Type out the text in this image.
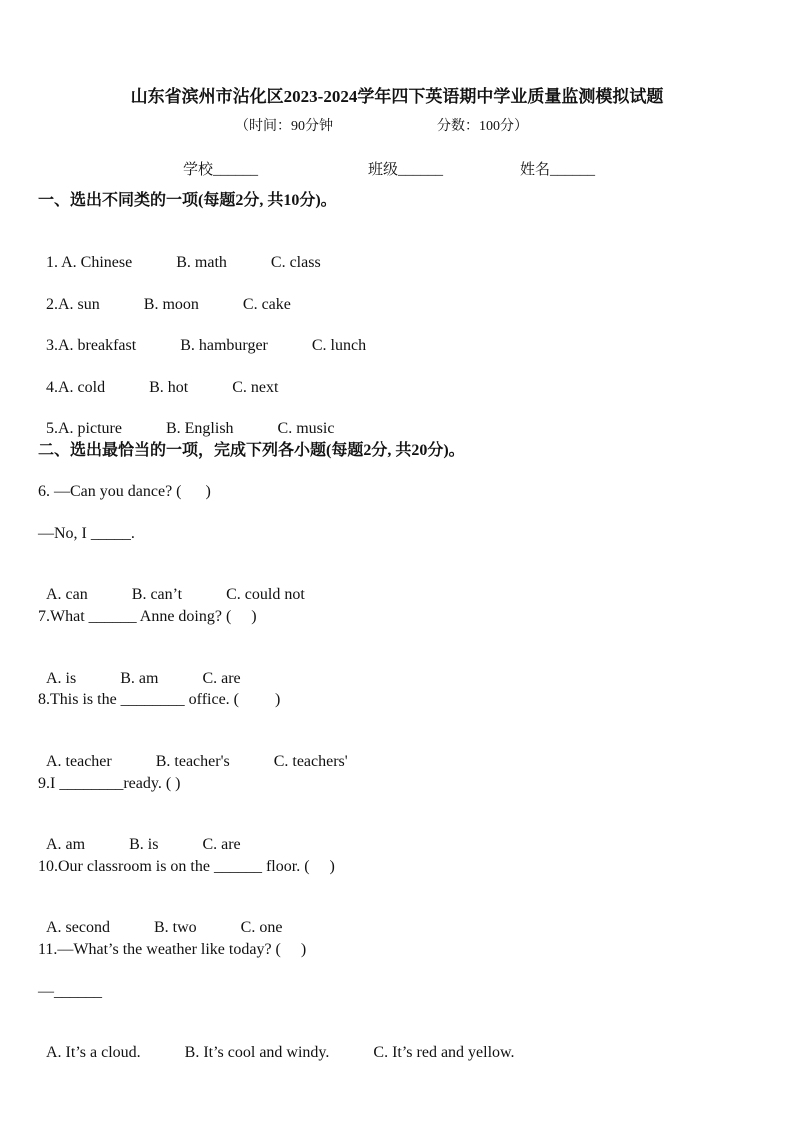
山东省滨州市沾化区2023-2024学年四下英语期中学业质量监测模拟试题
（时间：90分钟	分数：100分）
学校______	班级______	姓名______
一、选出不同类的一项(每题2分, 共10分)。

1. A. Chinese	B. math	C. class

2.A. sun	B. moon	C. cake

3.A. breakfast	B. hamburger	C. lunch

4.A. cold	B. hot	C. next

5.A. picture	B. English	C. music

二、选出最恰当的一项，完成下列各小题(每题2分, 共20分)。
6. —Can you dance? (      )
—No, I _____.

A. can	B. can’t	C. could not

7.What ______ Anne doing? (     )

A. is	B. am	C. are

8.This is the ________ office. (         )

A. teacher	B. teacher's	C. teachers'

9.I ________ready. ( )

A. am	B. is	C. are

10.Our classroom is on the ______ floor. (     )

A. second	B. two	C. one

11.—What’s the weather like today? (     )
—______

A. It’s a cloud.	B. It’s cool and windy.	C. It’s red and yellow.
